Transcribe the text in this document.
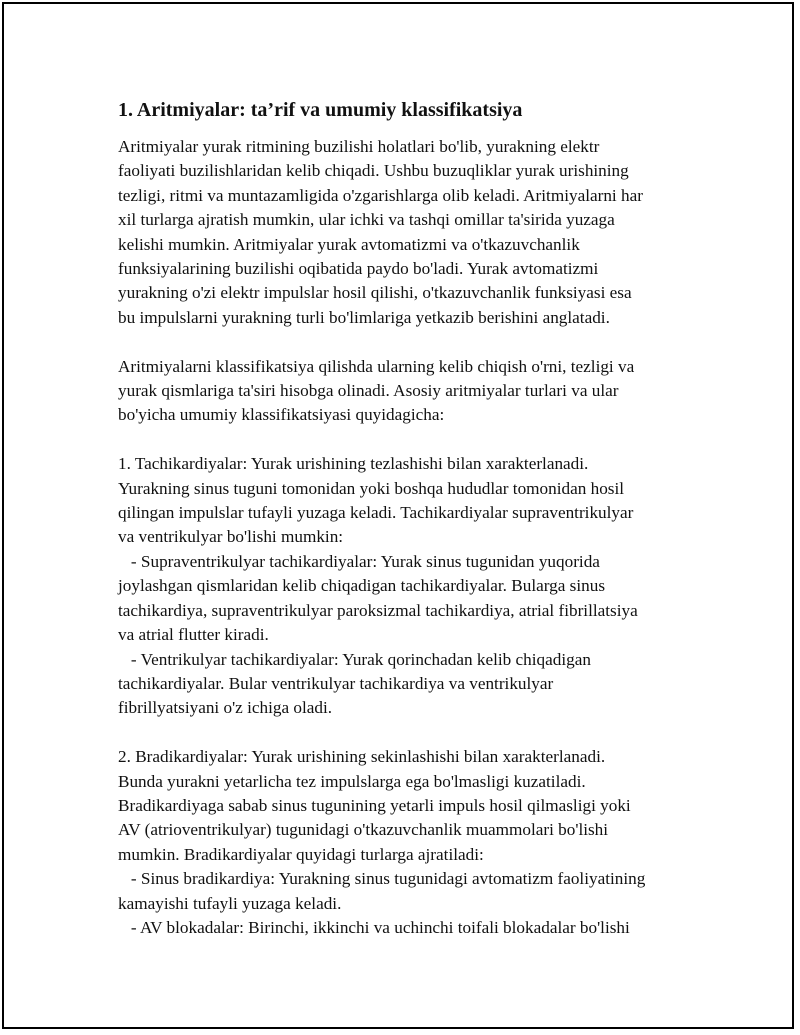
1. Aritmiyalar: ta’rif va umumiy klassifikatsiya
Aritmiyalar yurak ritmining buzilishi holatlari bo'lib, yurakning elektr
faoliyati buzilishlaridan kelib chiqadi. Ushbu buzuqliklar yurak urishining
tezligi, ritmi va muntazamligida o'zgarishlarga olib keladi. Aritmiyalarni har
xil turlarga ajratish mumkin, ular ichki va tashqi omillar ta'sirida yuzaga
kelishi mumkin. Aritmiyalar yurak avtomatizmi va o'tkazuvchanlik
funksiyalarining buzilishi oqibatida paydo bo'ladi. Yurak avtomatizmi
yurakning o'zi elektr impulslar hosil qilishi, o'tkazuvchanlik funksiyasi esa
bu impulslarni yurakning turli bo'limlariga yetkazib berishini anglatadi.
Aritmiyalarni klassifikatsiya qilishda ularning kelib chiqish o'rni, tezligi va
yurak qismlariga ta'siri hisobga olinadi. Asosiy aritmiyalar turlari va ular
bo'yicha umumiy klassifikatsiyasi quyidagicha:
1. Tachikardiyalar: Yurak urishining tezlashishi bilan xarakterlanadi.
Yurakning sinus tuguni tomonidan yoki boshqa hududlar tomonidan hosil
qilingan impulslar tufayli yuzaga keladi. Tachikardiyalar supraventrikulyar
va ventrikulyar bo'lishi mumkin:
- Supraventrikulyar tachikardiyalar: Yurak sinus tugunidan yuqorida
joylashgan qismlaridan kelib chiqadigan tachikardiyalar. Bularga sinus
tachikardiya, supraventrikulyar paroksizmal tachikardiya, atrial fibrillatsiya
va atrial flutter kiradi.
- Ventrikulyar tachikardiyalar: Yurak qorinchadan kelib chiqadigan
tachikardiyalar. Bular ventrikulyar tachikardiya va ventrikulyar
fibrillyatsiyani o'z ichiga oladi.
2. Bradikardiyalar: Yurak urishining sekinlashishi bilan xarakterlanadi.
Bunda yurakni yetarlicha tez impulslarga ega bo'lmasligi kuzatiladi.
Bradikardiyaga sabab sinus tugunining yetarli impuls hosil qilmasligi yoki
AV (atrioventrikulyar) tugunidagi o'tkazuvchanlik muammolari bo'lishi
mumkin. Bradikardiyalar quyidagi turlarga ajratiladi:
- Sinus bradikardiya: Yurakning sinus tugunidagi avtomatizm faoliyatining
kamayishi tufayli yuzaga keladi.
- AV blokadalar: Birinchi, ikkinchi va uchinchi toifali blokadalar bo'lishi
